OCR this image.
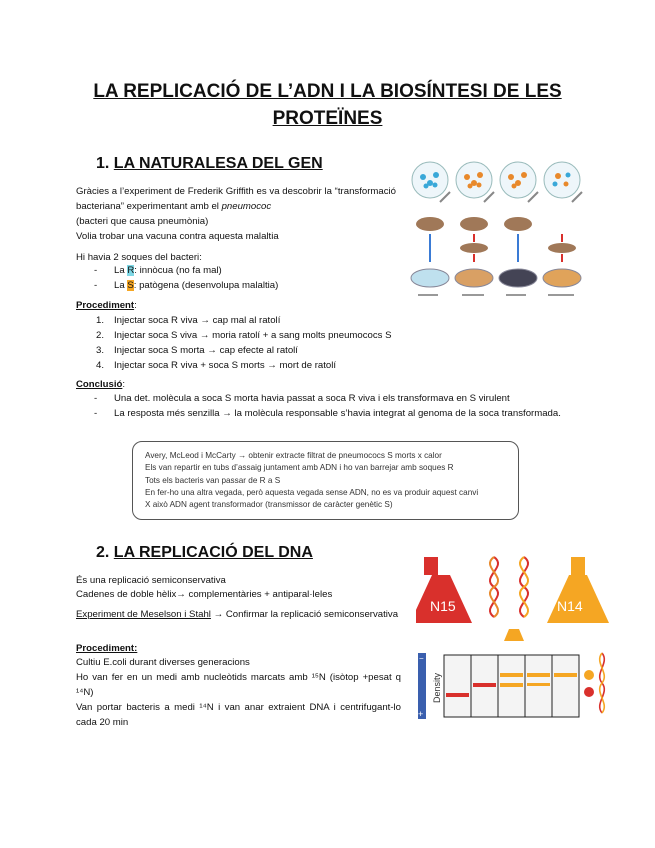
LA REPLICACIÓ DE L’ADN I LA BIOSÍNTESI DE LES PROTEÏNES
1. LA NATURALESA DEL GEN

Gràcies a l’experiment de Frederik Griffith es va descobrir la “transformació bacteriana” experimentant amb el pneumococ

(bacteri que causa pneumònia)

Volia trobar una vacuna contra aquesta malaltia

Hi havia 2 soques del bacteri:

- La R: innòcua (no fa mal)
- La S: patògena (desenvolupa malaltia)

Procediment:

1. Injectar soca R viva → cap mal al ratolí
2. Injectar soca S viva → moria ratolí + a sang molts pneumococs S
3. Injectar soca S morta → cap efecte al ratolí
4. Injectar soca R viva + soca S morts → mort de ratolí

Conclusió:

- Una det. molècula a soca S morta havia passat a soca R viva i els transformava en S virulent
- La resposta més senzilla → la molècula responsable s’havia integrat al genoma de la soca transformada.
Avery, McLeod i McCarty → obtenir extracte filtrat de pneumococs S morts x calor
Els van repartir en tubs d’assaig juntament amb ADN i ho van barrejar amb soques R
Tots els bacteris van passar de R a S
En fer-ho una altra vegada, però aquesta vegada sense ADN, no es va produir aquest canvi
X això ADN agent transformador (transmissor de caràcter genètic S)
2. LA REPLICACIÓ DEL DNA

És una replicació semiconservativa

Cadenes de doble hèlix→ complementàries + antiparal·leles

Experiment de Meselson i Stahl → Confirmar la replicació semiconservativa

Procediment:

Cultiu E.coli durant diverses generacions

Ho van fer en un medi amb nucleòtids marcats amb ¹⁵N (isòtop +pesat q ¹⁴N)

Van portar bacteris a medi ¹⁴N i van anar extraient DNA i centrifugant-lo cada 20 min

N15	N14
−
+
Density
